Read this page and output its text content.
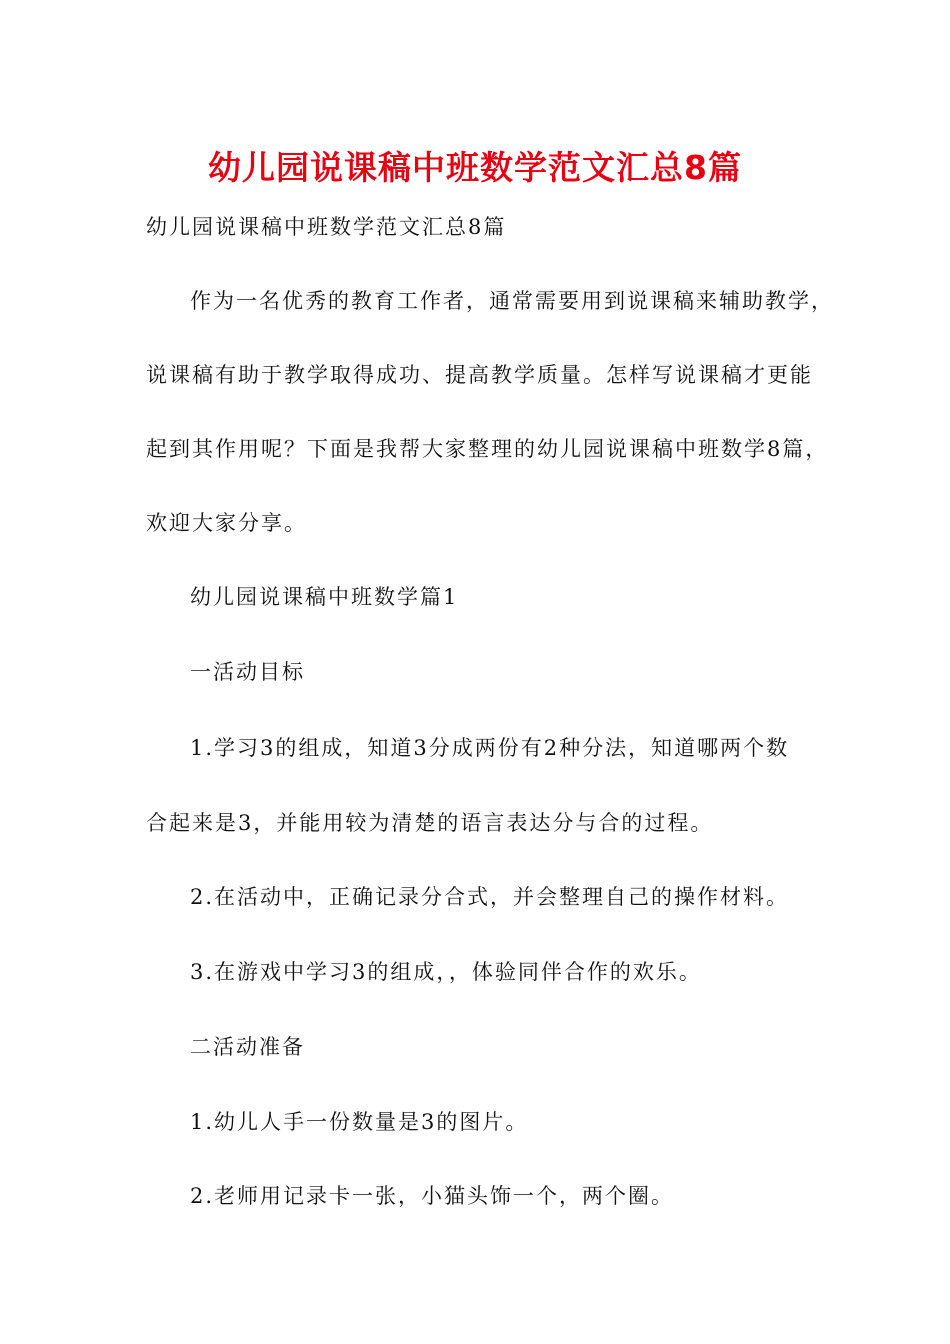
幼儿园说课稿中班数学范文汇总8篇

幼儿园说课稿中班数学范文汇总8篇

作为一名优秀的教育工作者，通常需要用到说课稿来辅助教学，

说课稿有助于教学取得成功、提高教学质量。怎样写说课稿才更能

起到其作用呢？下面是我帮大家整理的幼儿园说课稿中班数学8篇，

欢迎大家分享。

幼儿园说课稿中班数学篇1

一活动目标

1.学习3的组成，知道3分成两份有2种分法，知道哪两个数

合起来是3，并能用较为清楚的语言表达分与合的过程。

2.在活动中，正确记录分合式，并会整理自己的操作材料。

3.在游戏中学习3的组成，，体验同伴合作的欢乐。

二活动准备

1.幼儿人手一份数量是3的图片。

2.老师用记录卡一张，小猫头饰一个，两个圈。
